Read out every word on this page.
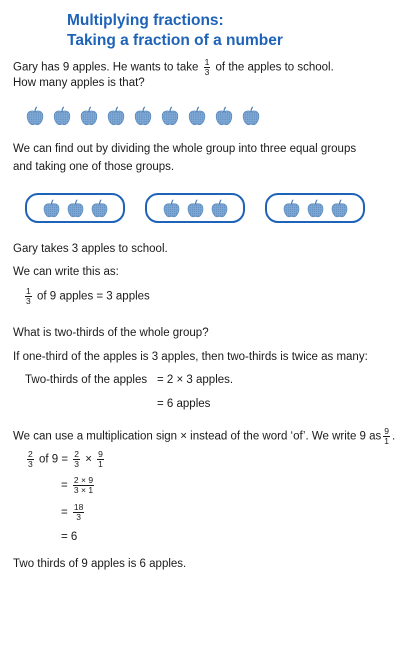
Multiplying fractions:
Taking a fraction of a number
Gary has 9 apples. He wants to take $\frac{1}{3}$ of the apples to school.
How many apples is that?
We can find out by dividing the whole group into three equal groups
and taking one of those groups.
Gary takes 3 apples to school.
We can write this as:
$\frac{1}{3}$ of 9 apples = 3 apples
What is two-thirds of the whole group?
If one-third of the apples is 3 apples, then two-thirds is twice as many:
Two-thirds of the apples = 2 × 3 apples.
= 6 apples
We can use a multiplication sign × instead of the word ‘of’. We write 9 as $\frac{9}{1}$ .
$\frac{2}{3}$ of $9 = \frac{2}{3} \times \frac{9}{1}$
= $\frac{2 \times 9}{3 \times 1}$
= $\frac{18}{3}$
= 6
Two thirds of 9 apples is 6 apples.
